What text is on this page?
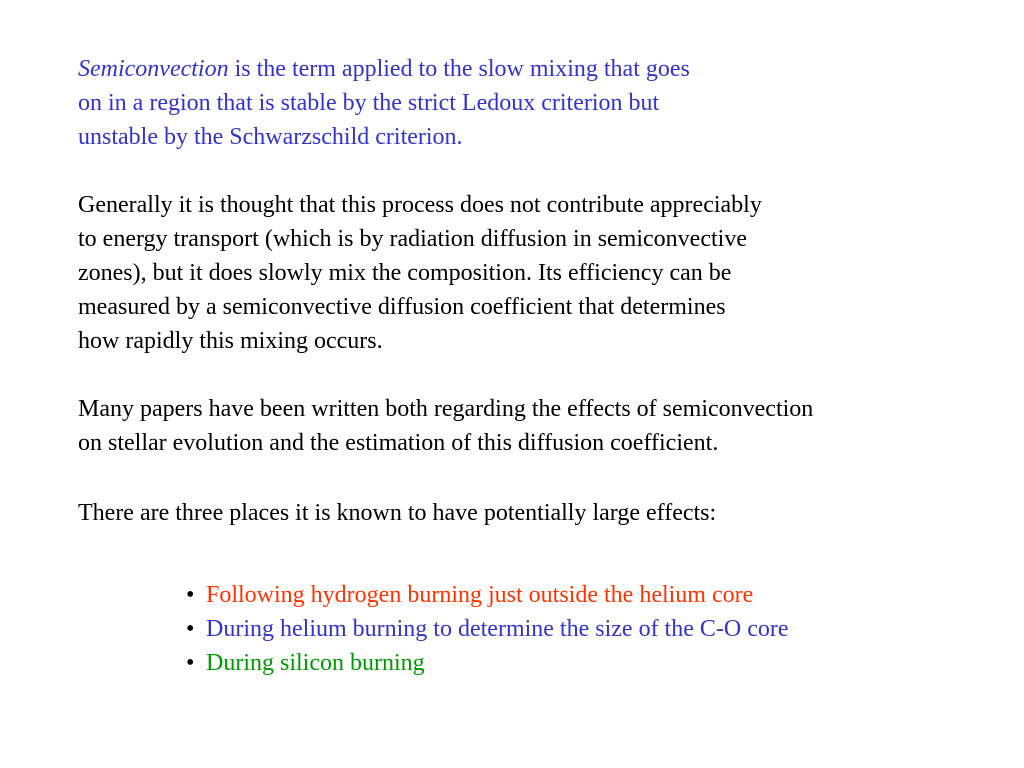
Semiconvection is the term applied to the slow mixing that goes
on in a region that is stable by the strict Ledoux criterion but
unstable by the Schwarzschild criterion.
Generally it is thought that this process does not contribute appreciably
to energy transport (which is by radiation diffusion in semiconvective
zones), but it does slowly mix the composition. Its efficiency can be
measured by a semiconvective diffusion coefficient that determines
how rapidly this mixing occurs.
Many papers have been written both regarding the effects of semiconvection
on stellar evolution and the estimation of this diffusion coefficient.
There are three places it is known to have potentially large effects:
• Following hydrogen burning just outside the helium core
• During helium burning to determine the size of the C-O core
• During silicon burning
